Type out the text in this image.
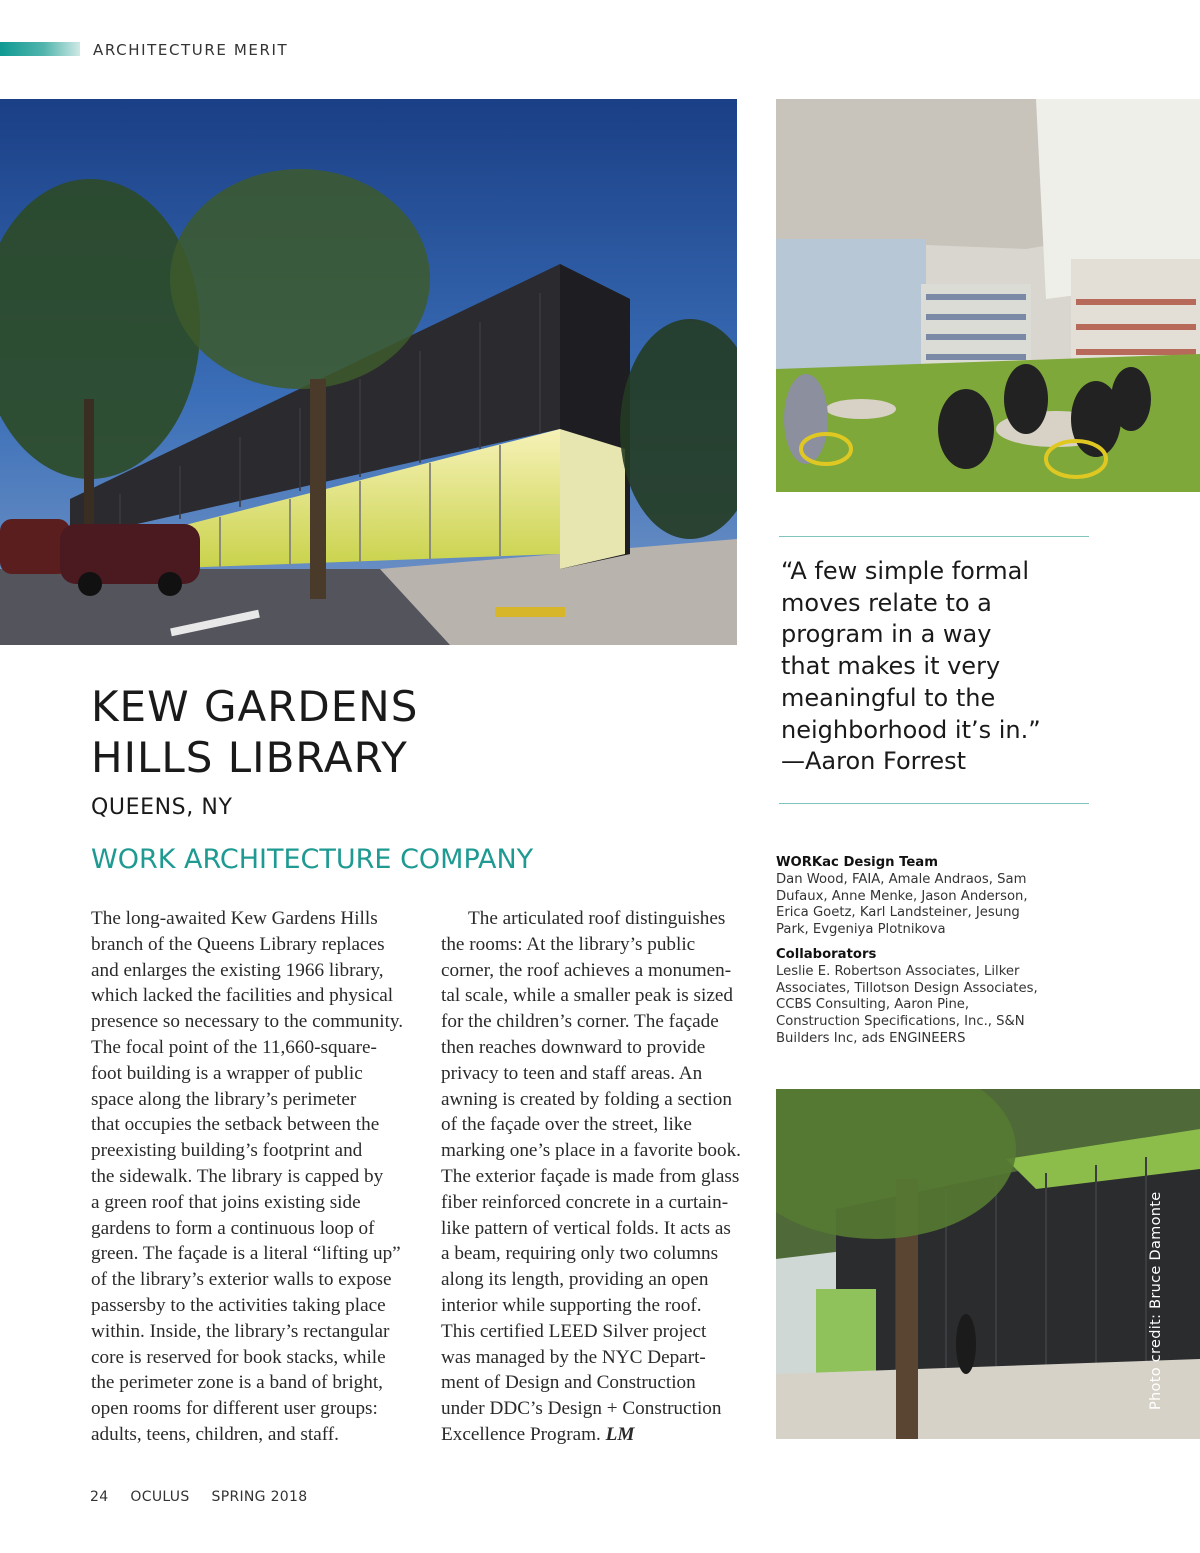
ARCHITECTURE MERIT
KEW GARDENS
HILLS LIBRARY
QUEENS, NY
WORK ARCHITECTURE COMPANY
“A few simple formal
moves relate to a
program in a way
that makes it very
meaningful to the
neighborhood it’s in.”
—Aaron Forrest
WORKac Design Team
Dan Wood, FAIA, Amale Andraos, Sam
Dufaux, Anne Menke, Jason Anderson,
Erica Goetz, Karl Landsteiner, Jesung
Park, Evgeniya Plotnikova
Collaborators
Leslie E. Robertson Associates, Lilker
Associates, Tillotson Design Associates,
CCBS Consulting, Aaron Pine,
Construction Specifications, Inc., S&N
Builders Inc, ads ENGINEERS
The long-awaited Kew Gardens Hills
branch of the Queens Library replaces
and enlarges the existing 1966 library,
which lacked the facilities and physical
presence so necessary to the community.
The focal point of the 11,660-square-
foot building is a wrapper of public
space along the library’s perimeter
that occupies the setback between the
preexisting building’s footprint and
the sidewalk. The library is capped by
a green roof that joins existing side
gardens to form a continuous loop of
green. The façade is a literal “lifting up”
of the library’s exterior walls to expose
passersby to the activities taking place
within. Inside, the library’s rectangular
core is reserved for book stacks, while
the perimeter zone is a band of bright,
open rooms for different user groups:
adults, teens, children, and staff.
The articulated roof distinguishes
the rooms: At the library’s public
corner, the roof achieves a monumen-
tal scale, while a smaller peak is sized
for the children’s corner. The façade
then reaches downward to provide
privacy to teen and staff areas. An
awning is created by folding a section
of the façade over the street, like
marking one’s place in a favorite book.
The exterior façade is made from glass
fiber reinforced concrete in a curtain-
like pattern of vertical folds. It acts as
a beam, requiring only two columns
along its length, providing an open
interior while supporting the roof.
This certified LEED Silver project
was managed by the NYC Depart-
ment of Design and Construction
under DDC’s Design + Construction
Excellence Program. LM
Photo credit: Bruce Damonte
24 OCULUS SPRING 2018
